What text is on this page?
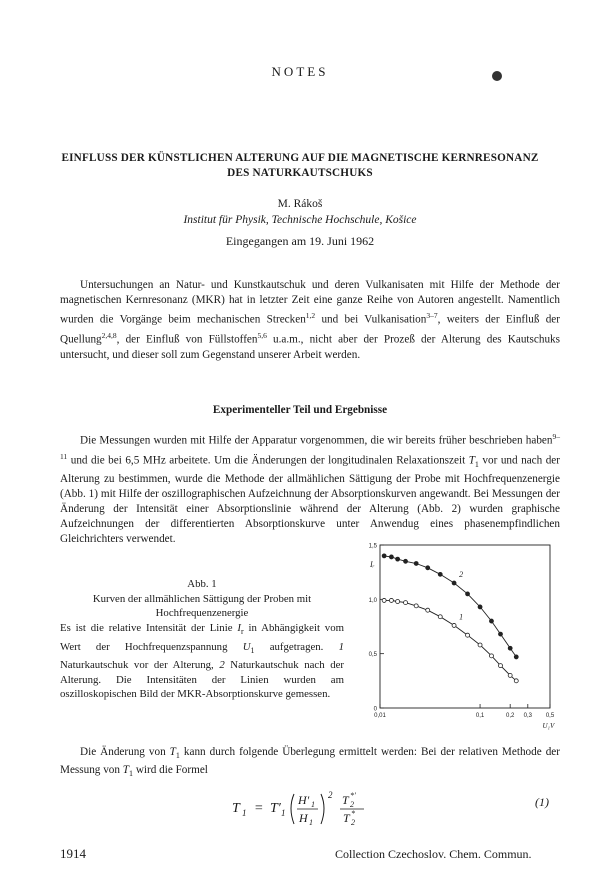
NOTES
EINFLUSS DER KÜNSTLICHEN ALTERUNG AUF DIE MAGNETISCHE KERNRESONANZ DES NATURKAUTSCHUKS
M. Rákoš
Institut für Physik, Technische Hochschule, Košice
Eingegangen am 19. Juni 1962

Untersuchungen an Natur- und Kunstkautschuk und deren Vulkanisaten mit Hilfe der Methode der magnetischen Kernresonanz (MKR) hat in letzter Zeit eine ganze Reihe von Autoren angestellt. Namentlich wurden die Vorgänge beim mechanischen Strecken$^{1,2}$ und bei Vulkanisation$^{3-7}$, weiters der Einfluß der Quellung$^{2,4,8}$, der Einfluß von Füllstoffen$^{5,6}$ u.a.m., nicht aber der Prozeß der Alterung des Kautschuks untersucht, und dieser soll zum Gegenstand unserer Arbeit werden.

Experimenteller Teil und Ergebnisse

Die Messungen wurden mit Hilfe der Apparatur vorgenommen, die wir bereits früher beschrieben haben$^{9-11}$ und die bei 6,5 MHz arbeitete. Um die Änderungen der longitudinalen Relaxationszeit $T_1$ vor und nach der Alterung zu bestimmen, wurde die Methode der allmählichen Sättigung der Probe mit Hochfrequenzenergie (Abb. 1) mit Hilfe der oszillographischen Aufzeichnung der Absorptionskurven angewandt. Bei Messungen der Änderung der Intensität einer Absorptionslinie während der Alterung (Abb. 2) wurden graphische Aufzeichnungen der differentierten Absorptionskurve unter Anwendug eines phasenempfindlichen Gleichrichters verwendet.

Abb. 1

Kurven der allmählichen Sättigung der Proben mit

Hochfrequenzenergie

Es ist die relative Intensität der Linie $I_r$ in Abhängigkeit vom Wert der Hochfrequenzspannung $U_1$ aufgetragen. 1 Naturkautschuk vor der Alterung, 2 Naturkautschuk nach der Alterung. Die Intensitäten der Linien wurden am oszilloskopischen Bild der MKR-Absorptionskurve gemessen.

0
0,5
1,0
1,5
0,01	0,1	0,2 0,3 0,5
Iᵣ
U₁V
2
1

Die Änderung von $T_1$ kann durch folgende Überlegung ermittelt werden: Bei der relativen Methode der Messung von $T_1$ wird die Formel

T 1 = T′ 1
H′ 1
H 1
2 T *′
2
T *
2
(1)
1914	Collection Czechoslov. Chem. Commun.
